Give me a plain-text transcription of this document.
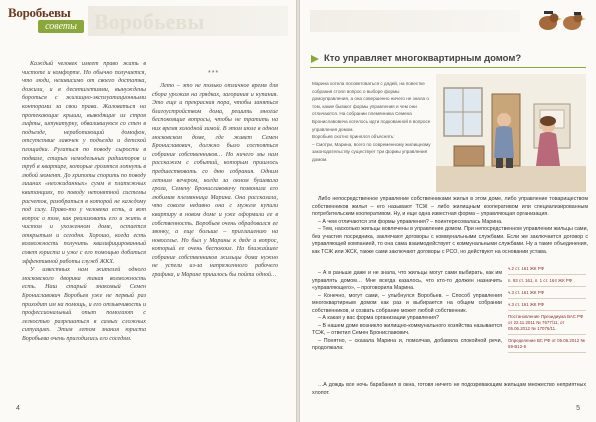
Воробьевы
советы Воробьевы

Каждый человек имеет право жить в чистоте и комфорте. Но обычно получается, что люди, независимо от своего достатка, дожили, и в десятилетиями, вынуждены бороться с жилищно-эксплуатационными конторами за свои права. Жаловаться на протекающие крыши, выводящие из строя лифты, штукатурку, обвалившуюся со стен в подъезде, неработающий домофон, отсутствие лавочек у подъезда и детской площадки. Ругаться по поводу сырости в подвале, старых немодельных радиаторов и труб в квартире, которые грозятся лопнуть в любой момент. До хрипоты спорить по поводу лишних «неожиданных» сумм в платежных квитанциях, по поводу непонятной системы расчетов, разобраться в которой не каждому под силу. Право-то у человека есть, а вот вопрос о том, как реализовать его и жить в чистом и ухоженном доме, остается открытым и сегодня. Хорошо, когда есть возможность получить квалифицированный совет юриста и уже с его помощью добиться эффективной работы служб ЖКХ.

У известных нам жителей одного московского дворика такая возможность есть. Наш старый знакомый Семен Брониславович Воробьев уже не первый раз приходит им на помощь, и его отзывчивость и профессиональный опыт помогают с легкостью разрешаться в самых сложных ситуациях. Этим летом знания юриста Воробьева очень пригодились его соседям.

***

Лето – это не только отличное время для сбора урожая на грядках, загорания и купания. Это еще и прекрасная пора, чтобы заняться благоустройством дома, решить многие беспокоящие вопросы, чтобы не тратить на них время холодной зимой. В этом июле в одном московском доме, где живет Семен Брониславович, должно было состояться собрание собственников… Но ничего мы нам расскажем с событий, которым пришлось предшествовать со дню собрания. Одним летним вечером, когда за окном бушевала гроза, Семену Брониславовичу позвонила его любимая племянница Марина. Она рассказала, что совсем недавно она с мужем купили квартиру в новом доме и уже оформили ее в собственность. Воробьев очень обрадовался ее звонку, а еще больше – приглашению на новоселье. Но был у Марины к дяде и вопрос, который ее очень беспокоил. На ближайшее собрание собственников жильцы дома нужно не успели из-за напряженного рабочего графика, и Марине пришлось бы пойти одной…

4
Кто управляет многоквартирным домом?

Марина хотела посоветоваться с дядей, на повестке собрания стоял вопрос о выборе формы домоуправления, а она совершенно ничего не знала о том, какие бывают формы управления и чем они отличаются. На собрании племянника Семена Брониславовича хотелось идти подкованной в вопросе управления домом.

Воробьев охотно принялся объяснять:

– Смотри, Марина, всего по современному жилищному законодательству существует три формы управления домом.

Либо непосредственное управление собственниками жилья в этом доме, либо управление товариществом собственников жилья – его называют ТСЖ – либо жилищным кооперативом или специализированным потребительским кооперативом. Ну, и еще одна известная форма – управляющая организация.

– А чем отличаются эти формы управления? – поинтересовалась Марина.

– Тем, насколько жильцы вовлечены в управление домом. При непосредственном управлении жильцы сами, без участия посредника, заключают договоры с коммунальными службами. Если же заключается договор с управляющей компанией, то она сама взаимодействует с коммунальными службами. Ну а такие объединения, как ТСЖ или ЖСК, также сами заключают договоры с РСО, но действуют на основании устава.

– А в раньше даже и не знала, что жильцы могут сами выбирать, как им управлять домом… Мне всегда казалось, что кто-то должен назначить «управляющего», – проговорила Марина.

– Конечно, могут сами, – улыбнулся Воробьев. – Способ управления многоквартирным домом как раз и выбирается на общем собрании собственников, и созвать собрание может любой собственник.

– А какая у вас форма организации управления?

– В нашем доме возникло жилищно-коммунального хозяйства называется ТСЖ, – ответил Семен Брониславович.

– Понятно, – сказала Марина и, помолчав, добавила спокойной речи, продолжала:

ч.2 ст. 161 ЖК РФ
п. 93 ст. 161, п. 1 ст. 164 ЖК РФ
ч.3 ст. 161 ЖК РФ
ч.3 ст. 161 ЖК РФ
Постановление Президиума ВАС РФ от 22.11.2011 № 7677/11, от 05.06.2012 № 17076/11.
Определение ВС РФ от 05.06.2012 № 59-В12-5

…А дождь все ночь барабанил в окна, готовя ничего не подозревающим жильцам множество неприятных хлопот.

5
